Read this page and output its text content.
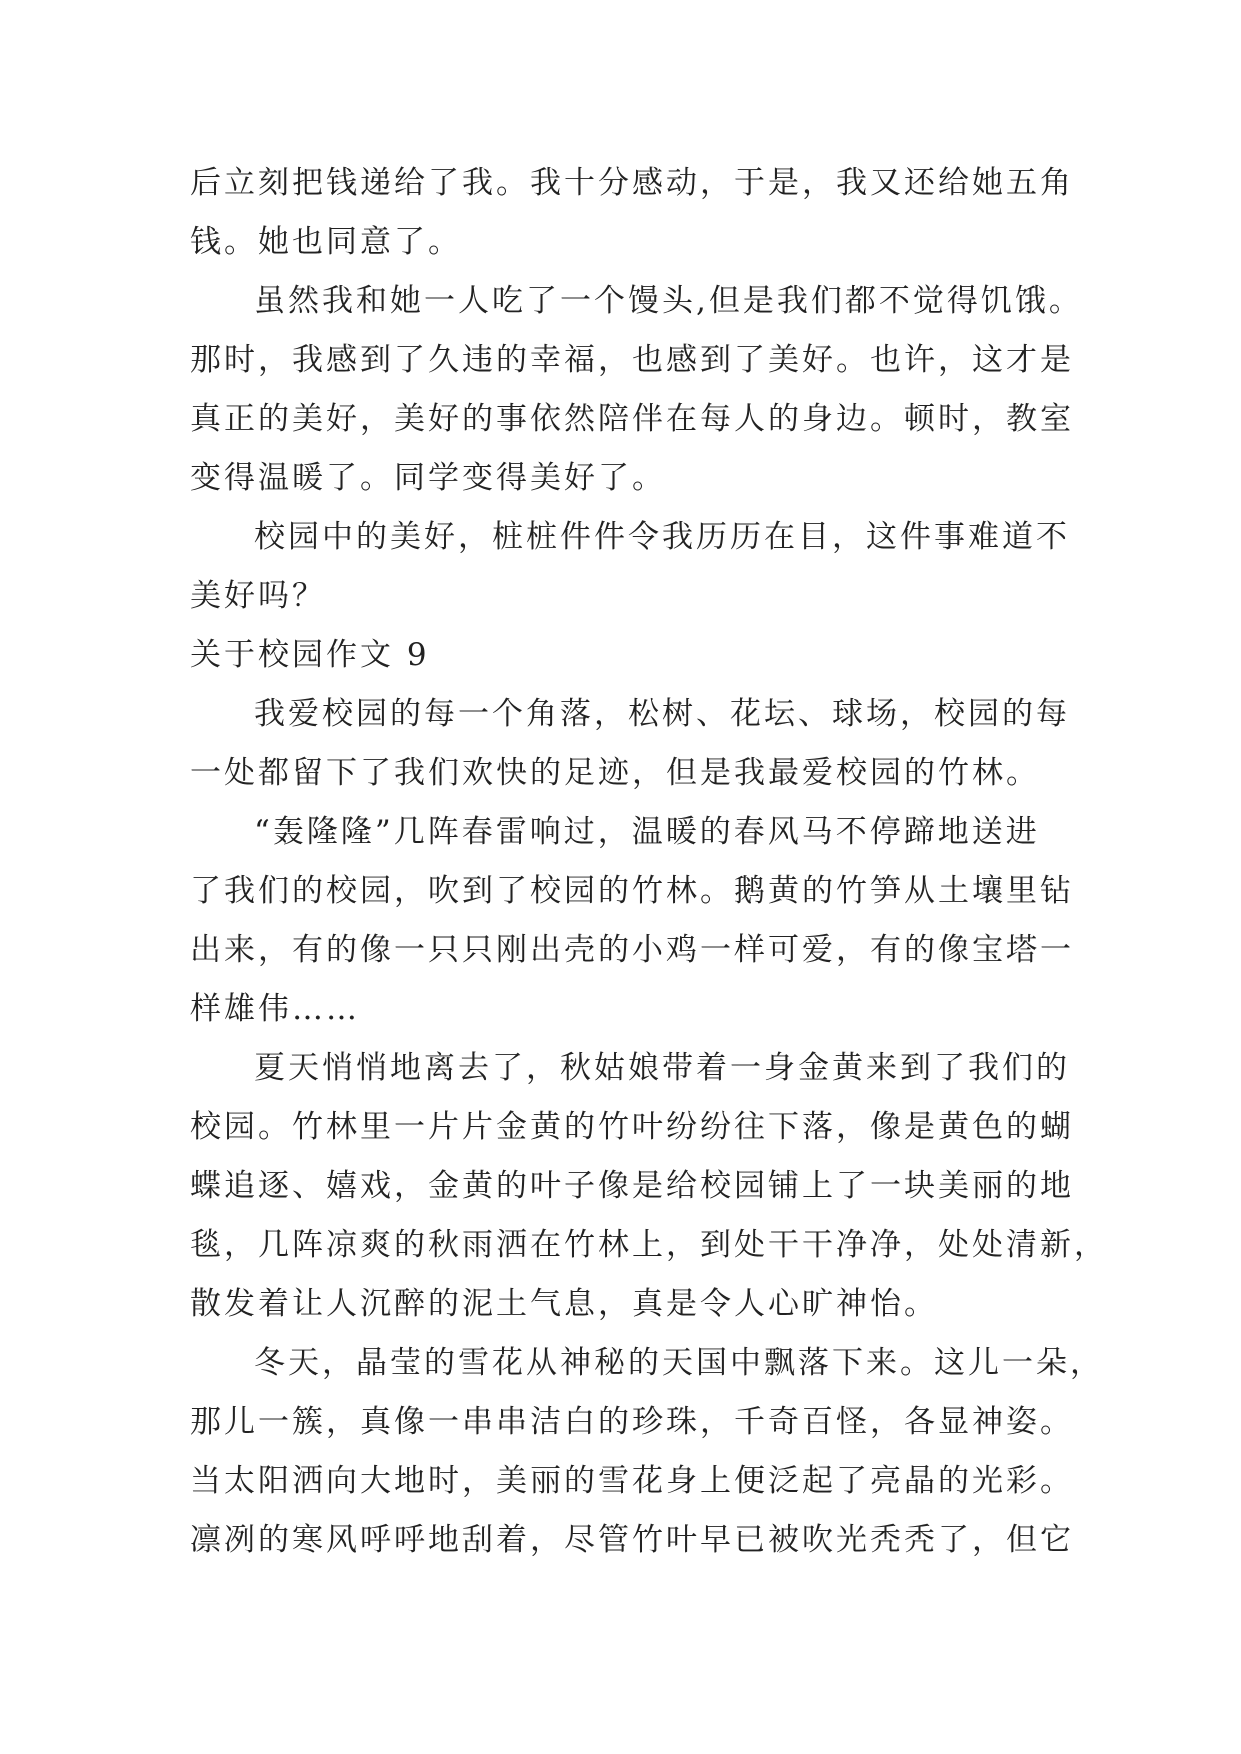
后立刻把钱递给了我。我十分感动，于是，我又还给她五角
钱。她也同意了。
虽然我和她一人吃了一个馒头,但是我们都不觉得饥饿。
那时，我感到了久违的幸福，也感到了美好。也许，这才是
真正的美好，美好的事依然陪伴在每人的身边。顿时，教室
变得温暖了。同学变得美好了。
校园中的美好，桩桩件件令我历历在目，这件事难道不
美好吗？
关于校园作文 9
我爱校园的每一个角落，松树、花坛、球场，校园的每
一处都留下了我们欢快的足迹，但是我最爱校园的竹林。
“轰隆隆”几阵春雷响过，温暖的春风马不停蹄地送进
了我们的校园，吹到了校园的竹林。鹅黄的竹笋从土壤里钻
出来，有的像一只只刚出壳的小鸡一样可爱，有的像宝塔一
样雄伟……
夏天悄悄地离去了，秋姑娘带着一身金黄来到了我们的
校园。竹林里一片片金黄的竹叶纷纷往下落，像是黄色的蝴
蝶追逐、嬉戏，金黄的叶子像是给校园铺上了一块美丽的地
毯，几阵凉爽的秋雨洒在竹林上，到处干干净净，处处清新，
散发着让人沉醉的泥土气息，真是令人心旷神怡。
冬天，晶莹的雪花从神秘的天国中飘落下来。这儿一朵，
那儿一簇，真像一串串洁白的珍珠，千奇百怪，各显神姿。
当太阳洒向大地时，美丽的雪花身上便泛起了亮晶的光彩。
凛冽的寒风呼呼地刮着，尽管竹叶早已被吹光秃秃了，但它
